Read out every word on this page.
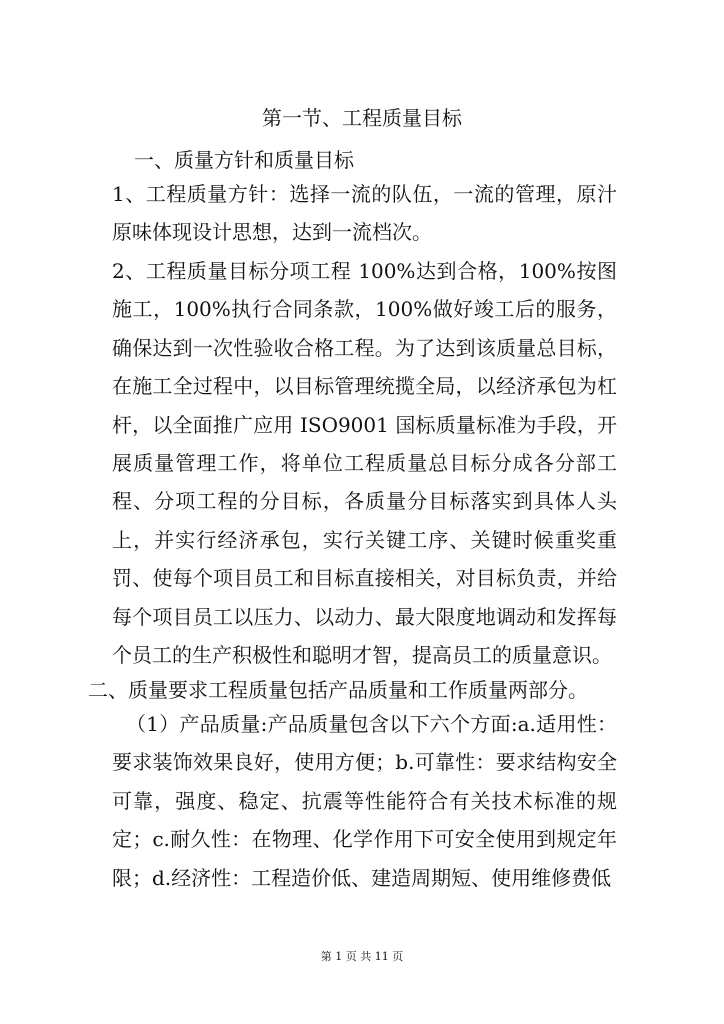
第一节、工程质量目标
一、质量方针和质量目标
1、工程质量方针：选择一流的队伍，一流的管理，原汁原味体现设计思想，达到一流档次。
2、工程质量目标分项工程 100%达到合格，100%按图施工，100%执行合同条款，100%做好竣工后的服务，确保达到一次性验收合格工程。为了达到该质量总目标，在施工全过程中，以目标管理统揽全局，以经济承包为杠杆，以全面推广应用 ISO9001 国标质量标准为手段，开展质量管理工作，将单位工程质量总目标分成各分部工程、分项工程的分目标，各质量分目标落实到具体人头上，并实行经济承包，实行关键工序、关键时候重奖重罚、使每个项目员工和目标直接相关，对目标负责，并给每个项目员工以压力、以动力、最大限度地调动和发挥每个员工的生产积极性和聪明才智，提高员工的质量意识。
二、质量要求工程质量包括产品质量和工作质量两部分。
（1）产品质量:产品质量包含以下六个方面:a.适用性：要求装饰效果良好，使用方便；b.可靠性：要求结构安全可靠，强度、稳定、抗震等性能符合有关技术标准的规定；c.耐久性：在物理、化学作用下可安全使用到规定年限；d.经济性：工程造价低、建造周期短、使用维修费低
第 1 页 共 11 页
